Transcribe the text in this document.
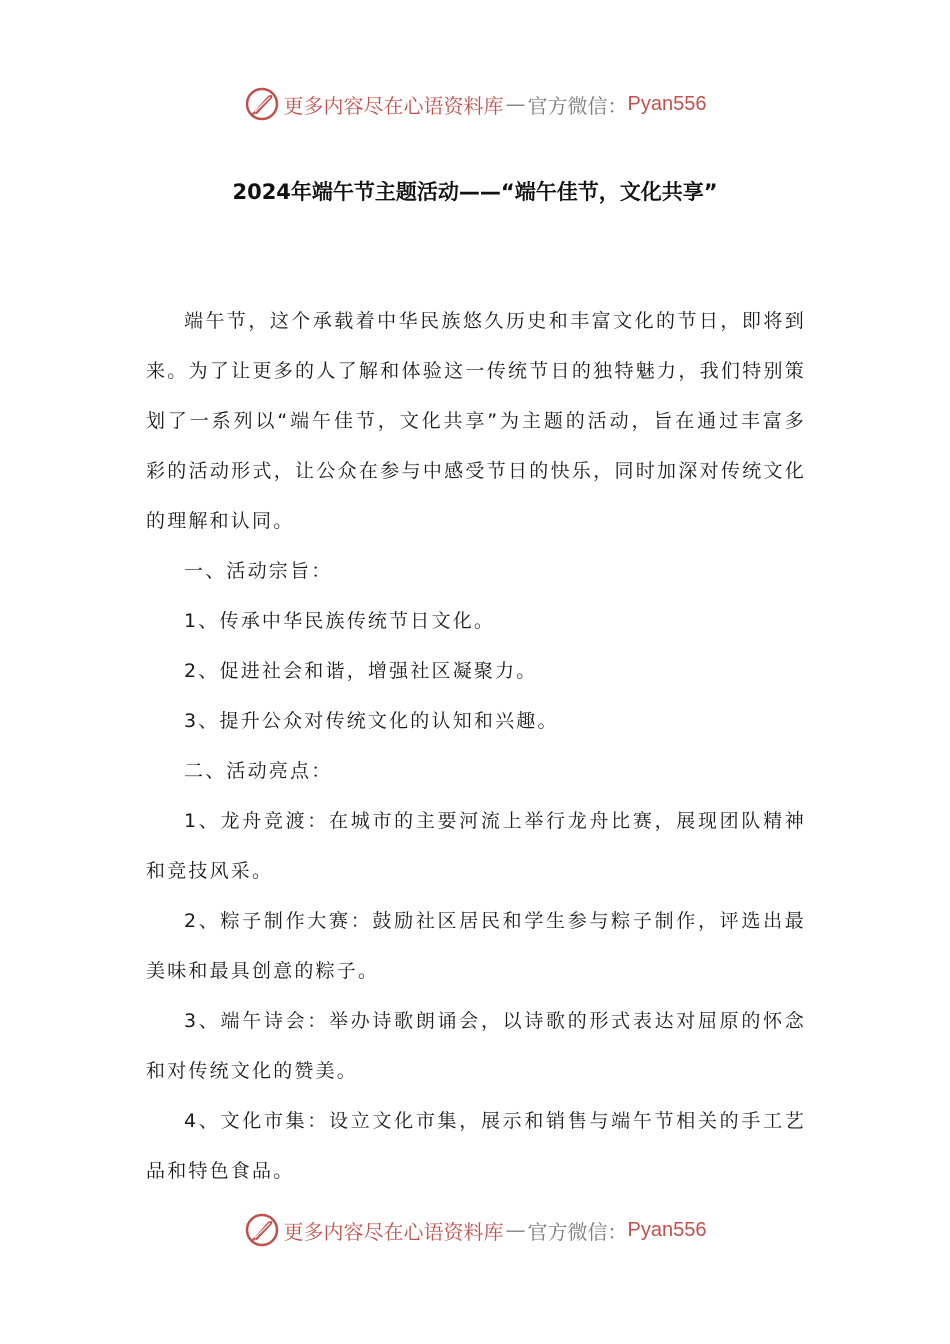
更多内容尽在心语资料库 — 官方微信： Pyan556
2024年端午节主题活动——“端午佳节，文化共享”

端午节，这个承载着中华民族悠久历史和丰富文化的节日，即将到来。为了让更多的人了解和体验这一传统节日的独特魅力，我们特别策划了一系列以“端午佳节，文化共享”为主题的活动，旨在通过丰富多彩的活动形式，让公众在参与中感受节日的快乐，同时加深对传统文化的理解和认同。

一、活动宗旨：

1、传承中华民族传统节日文化。

2、促进社会和谐，增强社区凝聚力。

3、提升公众对传统文化的认知和兴趣。

二、活动亮点：

1、龙舟竞渡：在城市的主要河流上举行龙舟比赛，展现团队精神和竞技风采。

2、粽子制作大赛：鼓励社区居民和学生参与粽子制作，评选出最美味和最具创意的粽子。

3、端午诗会：举办诗歌朗诵会，以诗歌的形式表达对屈原的怀念和对传统文化的赞美。

4、文化市集：设立文化市集，展示和销售与端午节相关的手工艺品和特色食品。

更多内容尽在心语资料库 — 官方微信： Pyan556
